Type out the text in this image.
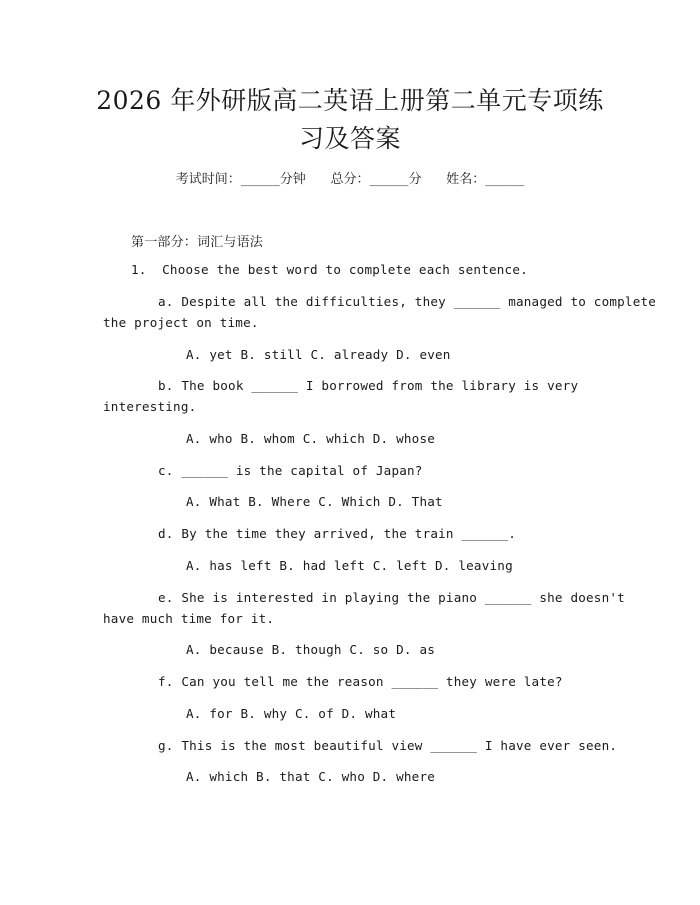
2026 年外研版高二英语上册第二单元专项练
习及答案
考试时间：______分钟      总分：______分      姓名：______
第一部分：词汇与语法
1.  Choose the best word to complete each sentence.
a. Despite all the difficulties, they ______ managed to complete
the project on time.
A. yet B. still C. already D. even
b. The book ______ I borrowed from the library is very
interesting.
A. who B. whom C. which D. whose
c. ______ is the capital of Japan?
A. What B. Where C. Which D. That
d. By the time they arrived, the train ______.
A. has left B. had left C. left D. leaving
e. She is interested in playing the piano ______ she doesn't
have much time for it.
A. because B. though C. so D. as
f. Can you tell me the reason ______ they were late?
A. for B. why C. of D. what
g. This is the most beautiful view ______ I have ever seen.
A. which B. that C. who D. where
